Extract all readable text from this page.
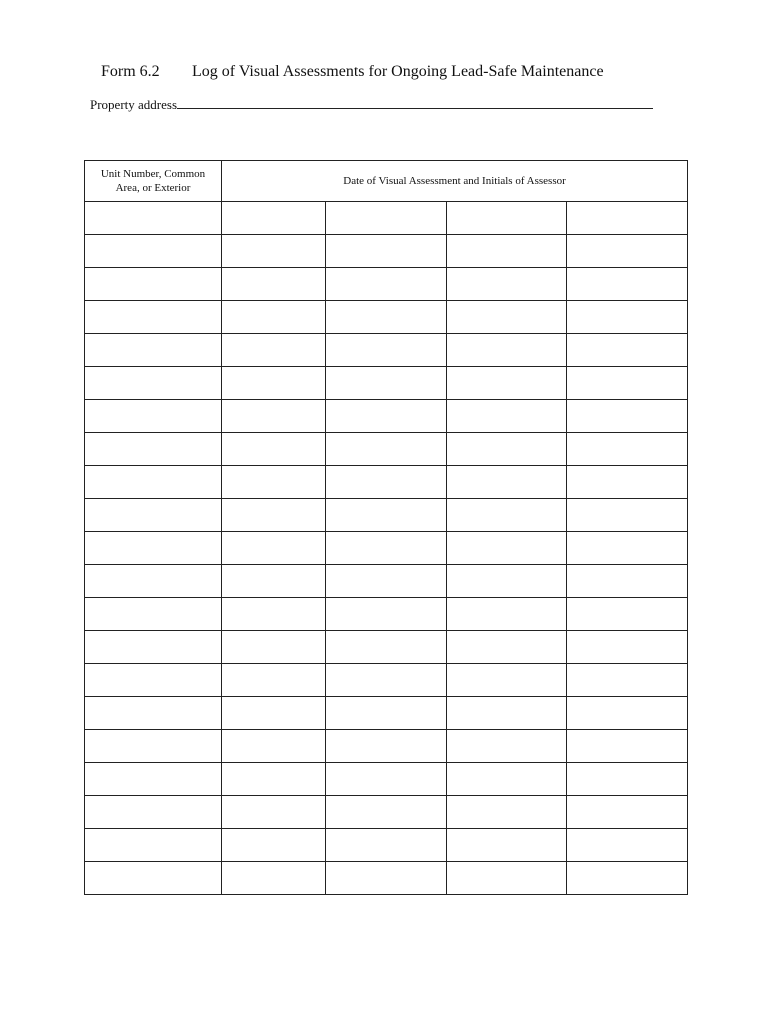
Form 6.2 Log of Visual Assessments for Ongoing Lead-Safe Maintenance
Property address
Unit Number, Common
Area, or Exterior	Date of Visual Assessment and Initials of Assessor			
